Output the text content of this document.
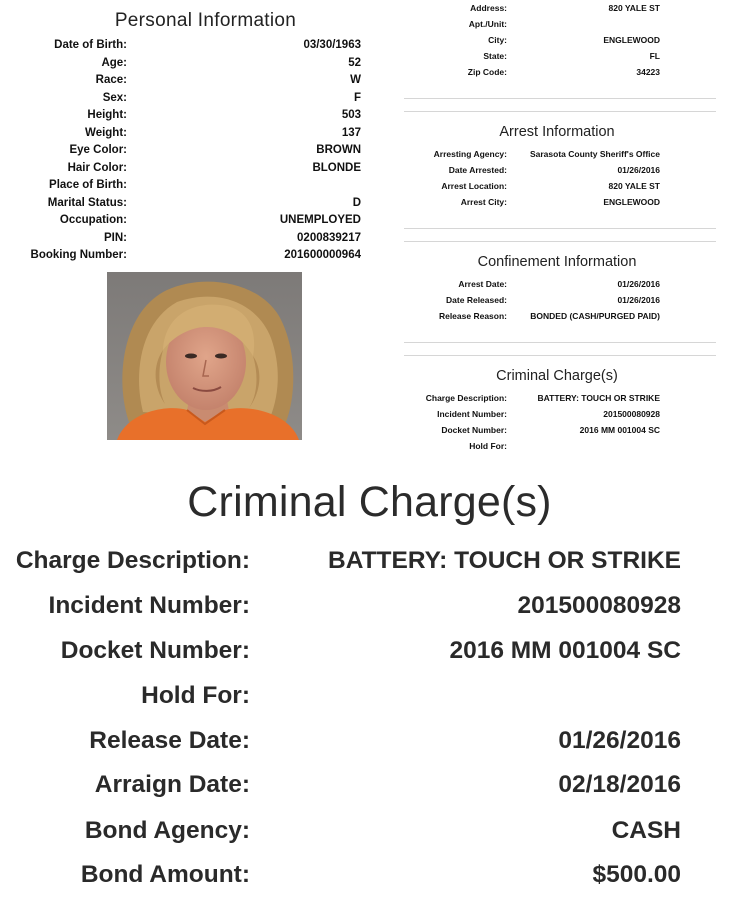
Personal Information
Date of Birth:	03/30/1963
Age:	52
Race:	W
Sex:	F
Height:	503
Weight:	137
Eye Color:	BROWN
Hair Color:	BLONDE
Place of Birth:
Marital Status:	D
Occupation:	UNEMPLOYED
PIN:	0200839217
Booking Number:	201600000964
Address:	820 YALE ST
Apt./Unit:
City:	ENGLEWOOD
State:	FL
Zip Code:	34223
Arrest Information
Arresting Agency:	Sarasota County Sheriff's Office
Date Arrested:	01/26/2016
Arrest Location:	820 YALE ST
Arrest City:	ENGLEWOOD
Confinement Information
Arrest Date:	01/26/2016
Date Released:	01/26/2016
Release Reason:	BONDED (CASH/PURGED PAID)
Criminal Charge(s)
Charge Description:	BATTERY: TOUCH OR STRIKE
Incident Number:	201500080928
Docket Number:	2016 MM 001004 SC
Hold For:
Criminal Charge(s)
Charge Description:	BATTERY: TOUCH OR STRIKE
Incident Number:	201500080928
Docket Number:	2016 MM 001004 SC
Hold For:
Release Date:	01/26/2016
Arraign Date:	02/18/2016
Bond Agency:	CASH
Bond Amount:	$500.00
